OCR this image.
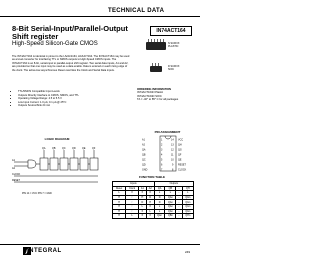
TECHNICAL DATA
IN74ACT164
8-Bit Serial-Input/Parallel-Output Shift register
High-Speed Silicon-Gate CMOS	N SUFFIX PLASTIC
D SUFFIX SOIC
The IN74ACT164 is identical in pinout to the LS/ALS164, HC/HCT164. The IN74ACT164 may be used as a level converter for interfacing TTL or NMOS outputs to High-Speed CMOS inputs. The IN74ACT164 is an 8-bit, serial-input to parallel-output shift register. Two serial data inputs, A1 and A2, are provided so that one input may be used as a data enable. Data is entered on each rising edge of the clock. The active-low asynchronous Reset overrides the Clock and Serial Data inputs.
• TTL/NMOS Compatible Input Levels
• Outputs Directly Interface to CMOS, NMOS, and TTL
• Operating Voltage Range: 4.5 to 5.5 V
• Low Input Current: 1.0 μA; 0.1 μA @ 25°C
• Outputs Source/Sink 24 mA
ORDERING INFORMATION
IN74ACT164N Plastic
IN74ACT164D SOIC
TA = -40° to 85° C for all packages
LOGIC DIAGRAM
A1
A2
CLOCK
RESET
QA	QB	QC	QD	QE	QF
PIN 14 = VCC PIN 7 = GND
PIN ASSIGNMENT
A1
A2
QA
QB
QC
QD
GND
1
2
3
4
5
6
7
14
13
12
11
10
9
8
VCC
QH
QG
QF
QE
RESET
CLOCK
FUNCTION TABLE
Inputs				Outputs			
Reset	Clock	A1	A2	QA	QB	...	QH
L	X	X	X	L	L	...	L
H	↑	H	D	D	QAn	...	QGn
H	↑	D	H	D	QAn	...	QGn
H	↑	L	X	L	QAn	...	QGn
H	↑	X	L	L	QAn	...	QGn
H	L	X	X	QAn	QBn	...	QHn
INTEGRAL	249
